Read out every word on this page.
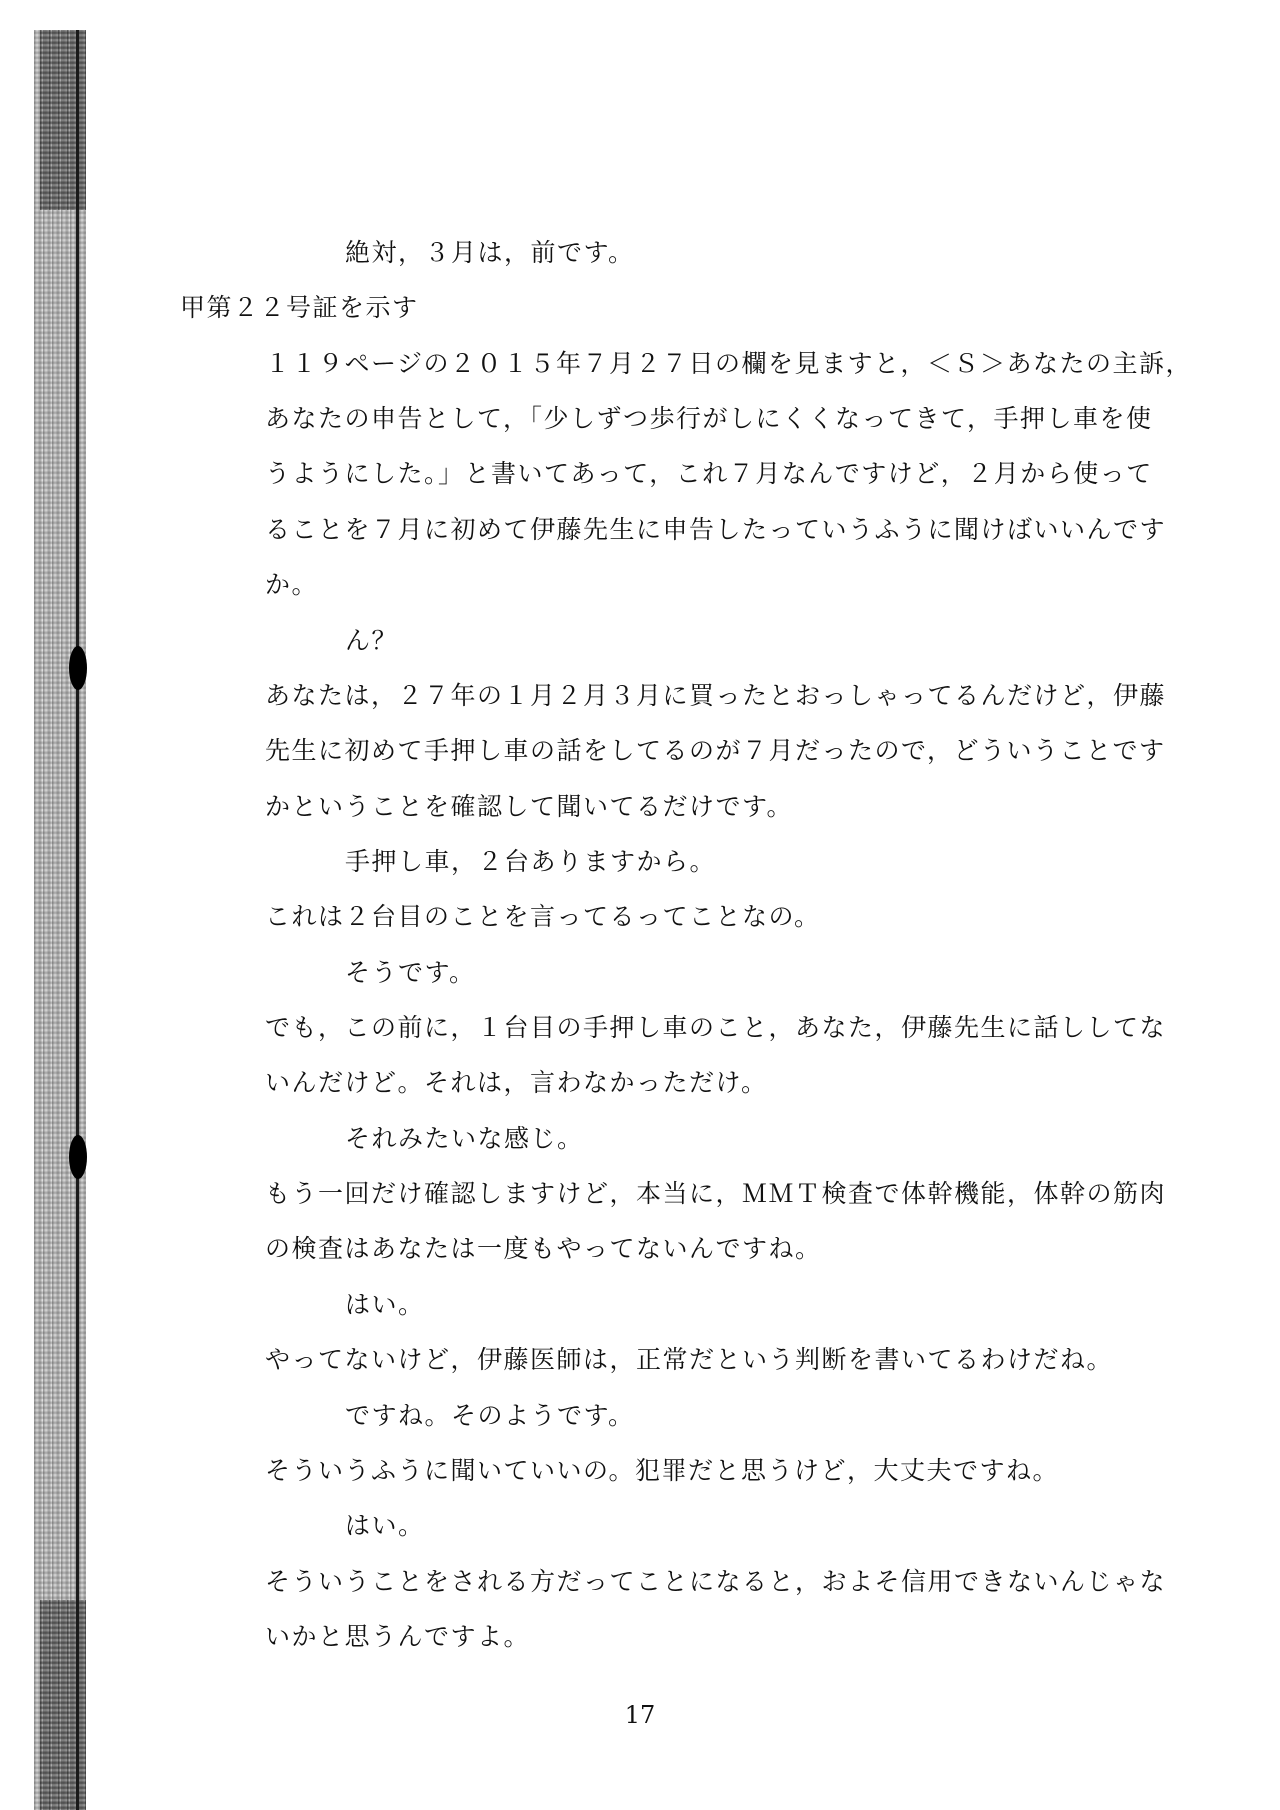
絶対，３月は，前です。
甲第２２号証を示す
１１９ページの２０１５年７月２７日の欄を見ますと，＜Ｓ＞あなたの主訴，
あなたの申告として，「少しずつ歩行がしにくくなってきて，手押し車を使
うようにした。」と書いてあって，これ７月なんですけど，２月から使って
ることを７月に初めて伊藤先生に申告したっていうふうに聞けばいいんです
か。
ん？
あなたは，２７年の１月２月３月に買ったとおっしゃってるんだけど，伊藤
先生に初めて手押し車の話をしてるのが７月だったので，どういうことです
かということを確認して聞いてるだけです。
手押し車，２台ありますから。
これは２台目のことを言ってるってことなの。
そうです。
でも，この前に，１台目の手押し車のこと，あなた，伊藤先生に話ししてな
いんだけど。それは，言わなかっただけ。
それみたいな感じ。
もう一回だけ確認しますけど，本当に，ＭＭＴ検査で体幹機能，体幹の筋肉
の検査はあなたは一度もやってないんですね。
はい。
やってないけど，伊藤医師は，正常だという判断を書いてるわけだね。
ですね。そのようです。
そういうふうに聞いていいの。犯罪だと思うけど，大丈夫ですね。
はい。
そういうことをされる方だってことになると，およそ信用できないんじゃな
いかと思うんですよ。
17
